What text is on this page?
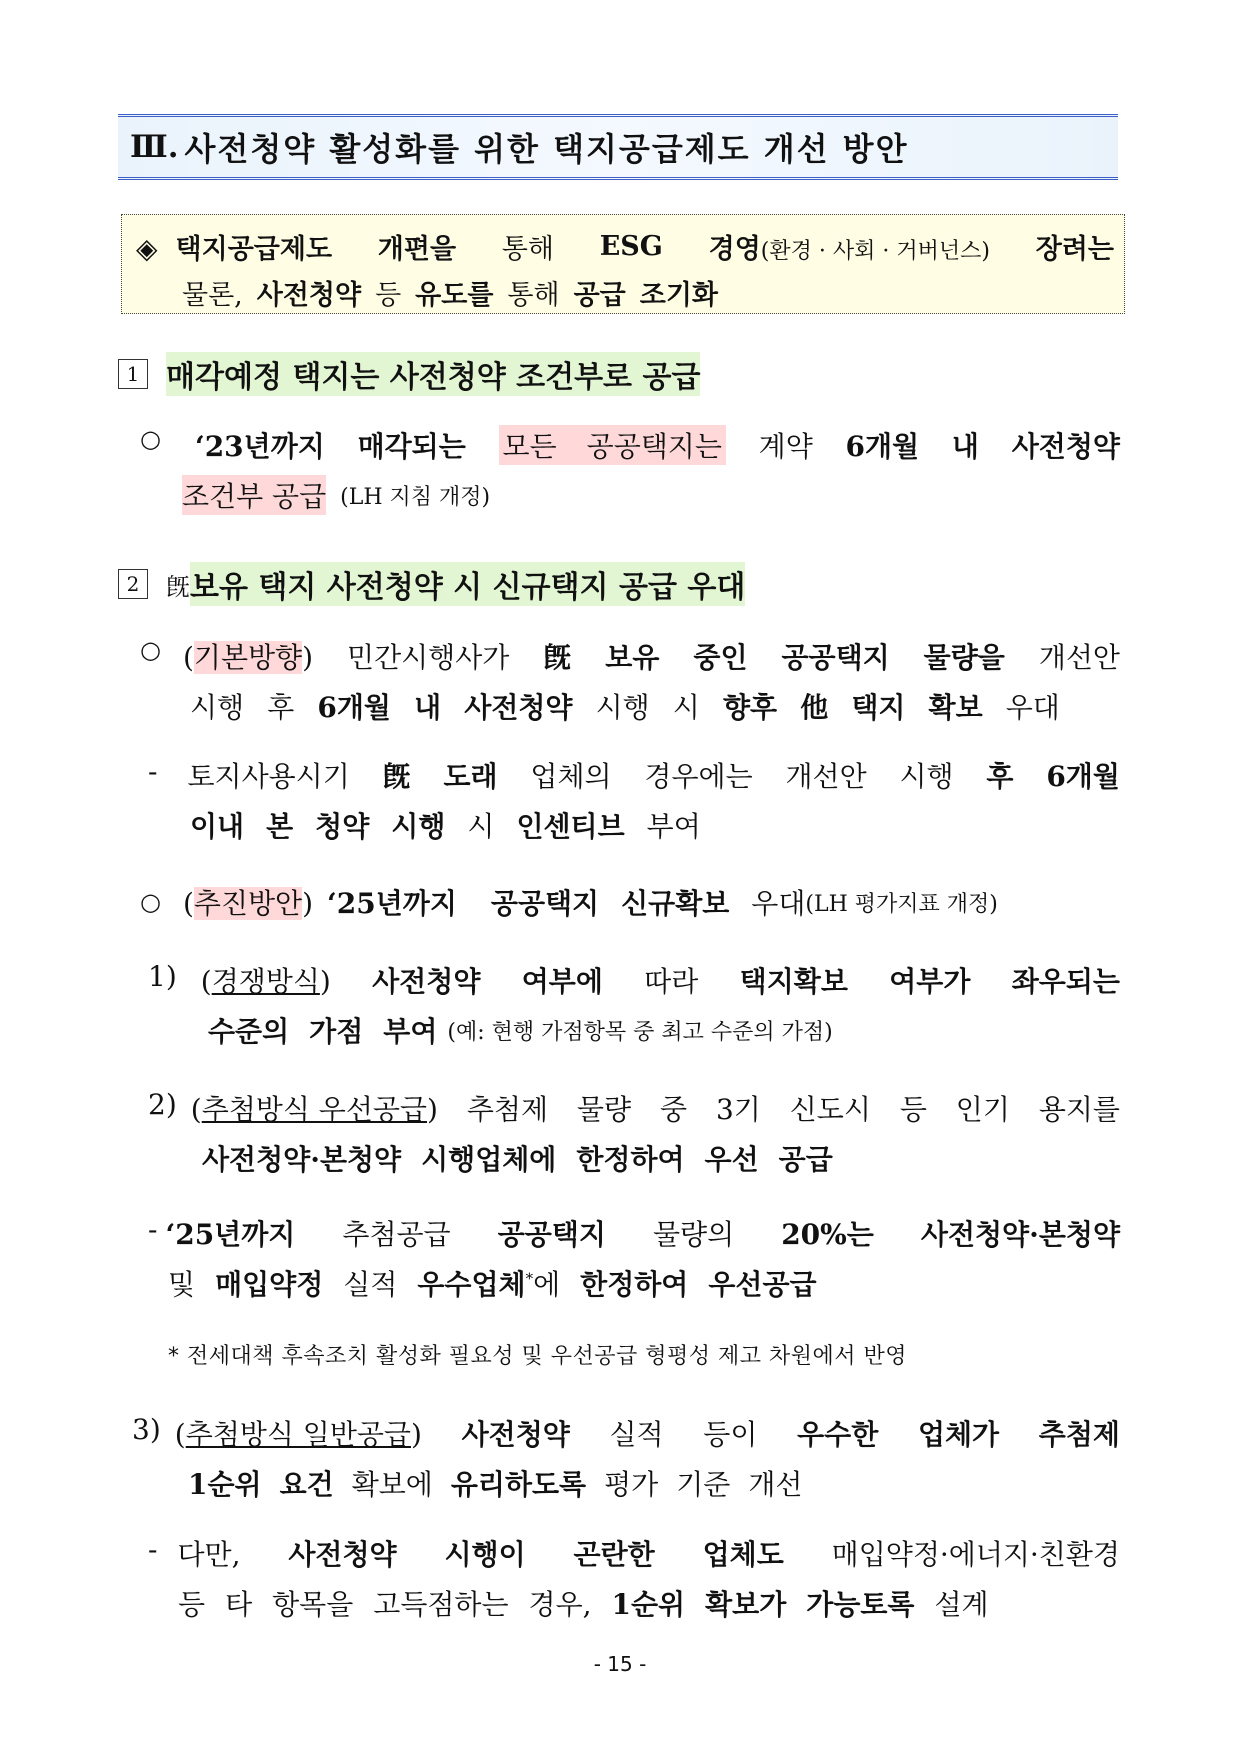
Ⅲ. 사전청약 활성화를 위한 택지공급제도 개선 방안
◈ 택지공급제도 개편을 통해 ESG 경영(환경 · 사회 · 거버넌스) 장려는
물론, 사전청약 등 유도를 통해 공급 조기화
1 매각예정 택지는 사전청약 조건부로 공급
○ ‘23년까지 매각되는 모든 공공택지는 계약 6개월 내 사전청약
조건부 공급 (LH 지침 개정)
2	旣 보유 택지 사전청약 시 신규택지 공급 우대
○ (기본방향) 민간시행사가 旣 보유 중인 공공택지 물량을 개선안
시행 후 6개월 내 사전청약 시행 시 향후 他 택지 확보 우대
- 토지사용시기 旣 도래 업체의 경우에는 개선안 시행 후 6개월
이내 본 청약 시행 시 인센티브 부여
○ (추진방안) ‘25년까지 공공택지 신규확보 우대 (LH 평가지표 개정)
1) (경쟁방식) 사전청약 여부에 따라 택지확보 여부가 좌우되는
수준의 가점 부여 (예: 현행 가점항목 중 최고 수준의 가점)
2) (추첨방식 우선공급) 추첨제 물량 중 3기 신도시 등 인기 용지를
사전청약·본청약 시행업체에 한정하여 우선 공급
- ‘25년까지 추첨공급 공공택지 물량의 20%는 사전청약·본청약
및 매입약정 실적 우수업체*에 한정하여 우선공급
* 전세대책 후속조치 활성화 필요성 및 우선공급 형평성 제고 차원에서 반영
3) (추첨방식 일반공급) 사전청약 실적 등이 우수한 업체가 추첨제
1순위 요건 확보에 유리하도록 평가 기준 개선
- 다만, 사전청약 시행이 곤란한 업체도 매입약정·에너지·친환경
등 타 항목을 고득점하는 경우, 1순위 확보가 가능토록 설계
- 15 -
